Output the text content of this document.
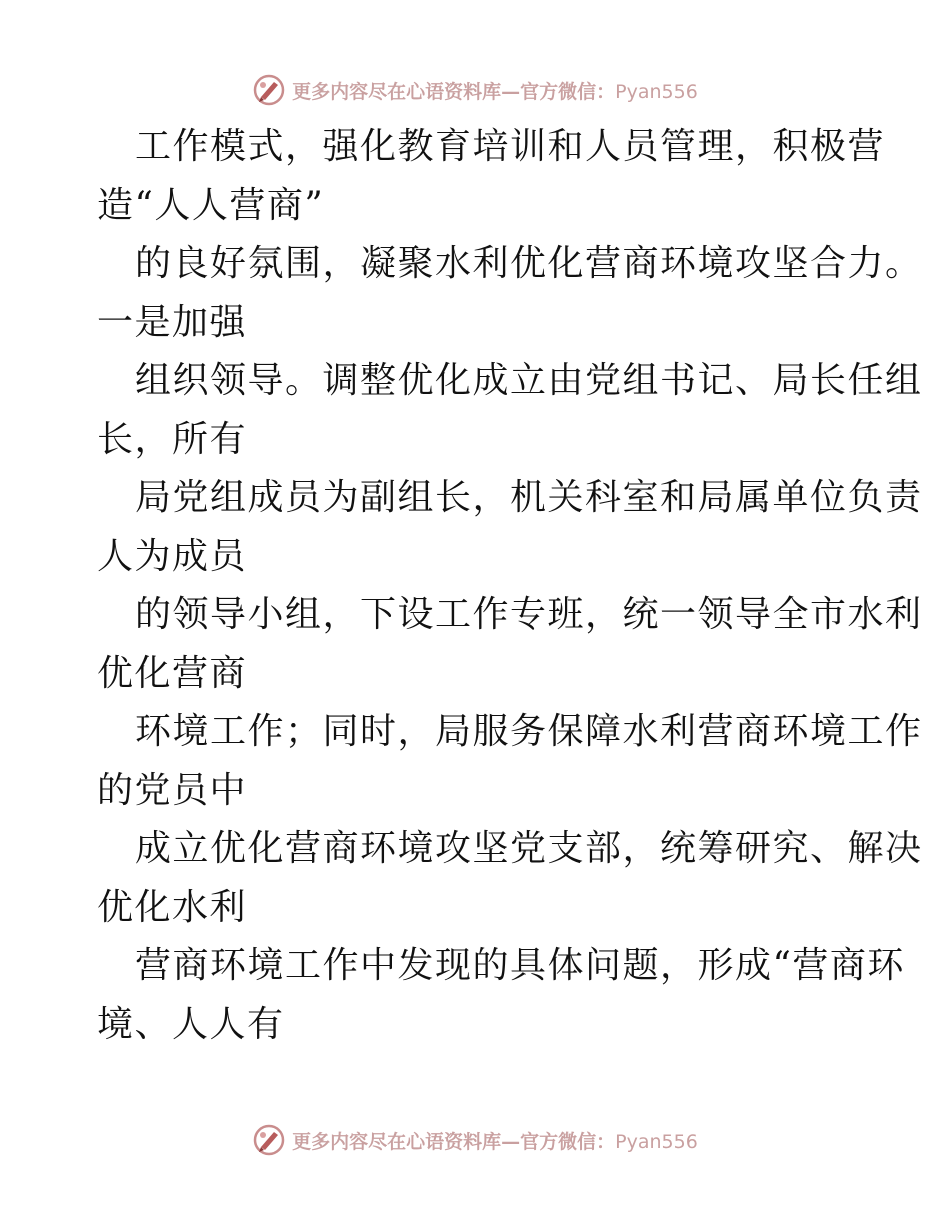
更多内容尽在心语资料库—官方微信：Pyan556
工作模式，强化教育培训和人员管理，积极营
造“人人营商”
的良好氛围，凝聚水利优化营商环境攻坚合力。
一是加强
组织领导。调整优化成立由党组书记、局长任组
长，所有
局党组成员为副组长，机关科室和局属单位负责
人为成员
的领导小组，下设工作专班，统一领导全市水利
优化营商
环境工作；同时，局服务保障水利营商环境工作
的党员中
成立优化营商环境攻坚党支部，统筹研究、解决
优化水利
营商环境工作中发现的具体问题，形成“营商环
境、人人有
更多内容尽在心语资料库—官方微信：Pyan556
